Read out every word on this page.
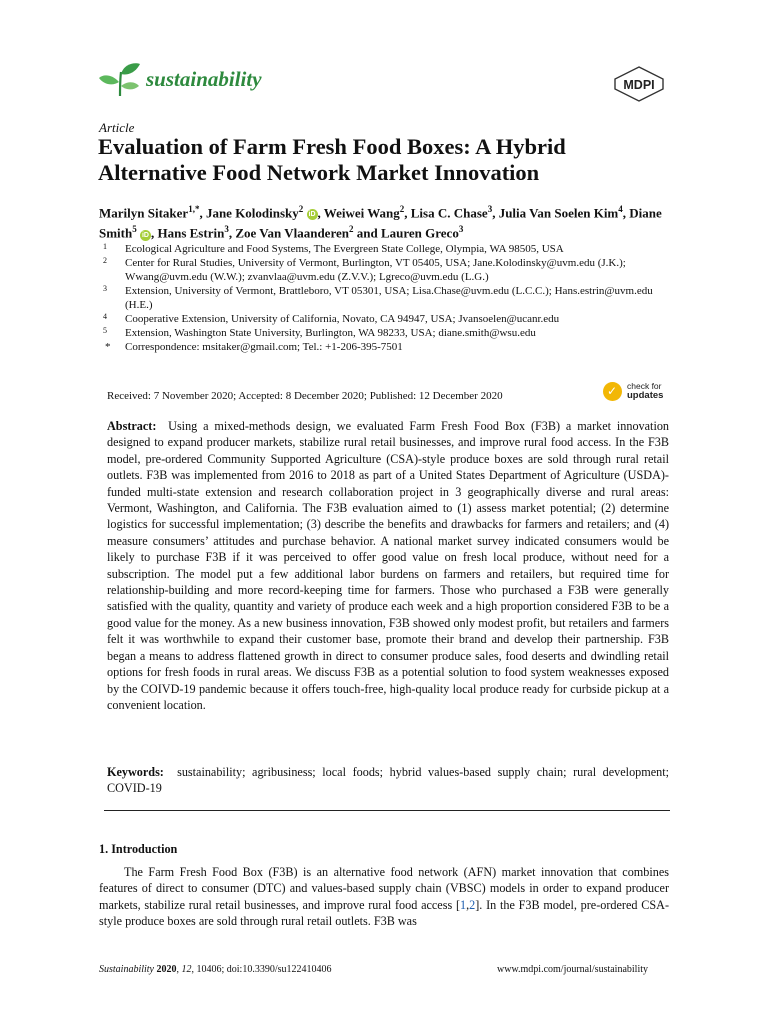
sustainability	MDPI
Article
Evaluation of Farm Fresh Food Boxes: A Hybrid Alternative Food Network Market Innovation
Marilyn Sitaker$^{1,*}$, Jane Kolodinsky$^2$ iD , Weiwei Wang$^2$, Lisa C. Chase$^3$, Julia Van Soelen Kim$^4$, Diane Smith$^5$ iD , Hans Estrin$^3$, Zoe Van Vlaanderen$^2$ and Lauren Greco$^3$
1 Ecological Agriculture and Food Systems, The Evergreen State College, Olympia, WA 98505, USA
2 Center for Rural Studies, University of Vermont, Burlington, VT 05405, USA; Jane.Kolodinsky@uvm.edu (J.K.); Wwang@uvm.edu (W.W.); zvanvlaa@uvm.edu (Z.V.V.); Lgreco@uvm.edu (L.G.)
3 Extension, University of Vermont, Brattleboro, VT 05301, USA; Lisa.Chase@uvm.edu (L.C.C.); Hans.estrin@uvm.edu (H.E.)
4 Cooperative Extension, University of California, Novato, CA 94947, USA; Jvansoelen@ucanr.edu
5 Extension, Washington State University, Burlington, WA 98233, USA; diane.smith@wsu.edu
* Correspondence: msitaker@gmail.com; Tel.: +1-206-395-7501
Received: 7 November 2020; Accepted: 8 December 2020; Published: 12 December 2020	✓ check for
updates
Abstract: Using a mixed-methods design, we evaluated Farm Fresh Food Box (F3B) a market innovation designed to expand producer markets, stabilize rural retail businesses, and improve rural food access. In the F3B model, pre-ordered Community Supported Agriculture (CSA)-style produce boxes are sold through rural retail outlets. F3B was implemented from 2016 to 2018 as part of a United States Department of Agriculture (USDA)-funded multi-state extension and research collaboration project in 3 geographically diverse and rural areas: Vermont, Washington, and California. The F3B evaluation aimed to (1) assess market potential; (2) determine logistics for successful implementation; (3) describe the benefits and drawbacks for farmers and retailers; and (4) measure consumers’ attitudes and purchase behavior. A national market survey indicated consumers would be likely to purchase F3B if it was perceived to offer good value on fresh local produce, without need for a subscription. The model put a few additional labor burdens on farmers and retailers, but required time for relationship-building and more record-keeping time for farmers. Those who purchased a F3B were generally satisfied with the quality, quantity and variety of produce each week and a high proportion considered F3B to be a good value for the money. As a new business innovation, F3B showed only modest profit, but retailers and farmers felt it was worthwhile to expand their customer base, promote their brand and develop their partnership. F3B began a means to address flattened growth in direct to consumer produce sales, food deserts and dwindling retail options for fresh foods in rural areas. We discuss F3B as a potential solution to food system weaknesses exposed by the COIVD-19 pandemic because it offers touch-free, high-quality local produce ready for curbside pickup at a convenient location.
Keywords: sustainability; agribusiness; local foods; hybrid values-based supply chain; rural development; COVID-19
1. Introduction
The Farm Fresh Food Box (F3B) is an alternative food network (AFN) market innovation that combines features of direct to consumer (DTC) and values-based supply chain (VBSC) models in order to expand producer markets, stabilize rural retail businesses, and improve rural food access [1,2]. In the F3B model, pre-ordered CSA-style produce boxes are sold through rural retail outlets. F3B was
Sustainability 2020, 12, 10406; doi:10.3390/su122410406	www.mdpi.com/journal/sustainability
